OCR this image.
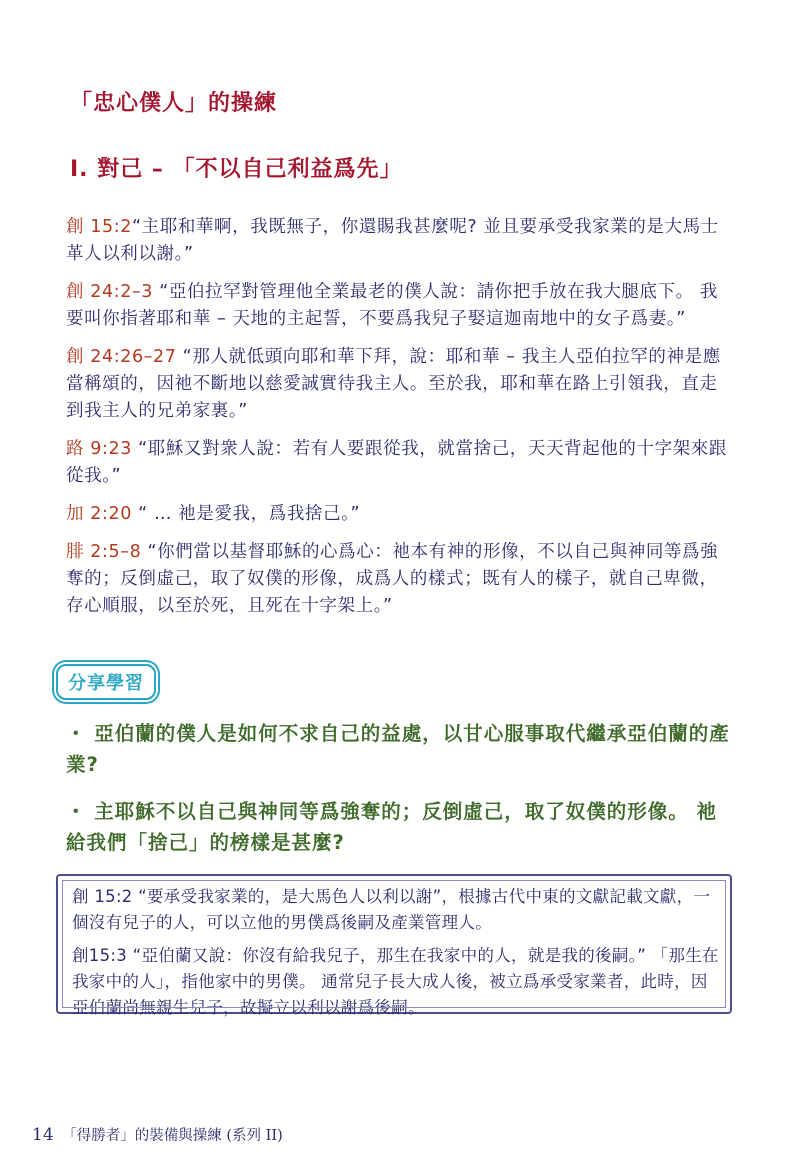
「忠心僕人」的操練
I. 對己 – 「不以自己利益爲先」

創 15:2“主耶和華啊，我既無子，你還賜我甚麼呢? 並且要承受我家業的是大馬士革人以利以謝。”

創 24:2–3 “亞伯拉罕對管理他全業最老的僕人說：請你把手放在我大腿底下。 我要叫你指著耶和華 – 天地的主起誓，不要爲我兒子娶這迦南地中的女子爲妻。”

創 24:26–27 “那人就低頭向耶和華下拜，說：耶和華 – 我主人亞伯拉罕的神是應當稱頌的，因祂不斷地以慈愛誠實待我主人。至於我，耶和華在路上引領我，直走到我主人的兄弟家裏。”

路 9:23 “耶穌又對衆人說：若有人要跟從我，就當捨己，天天背起他的十字架來跟從我。”

加 2:20 “ … 祂是愛我，爲我捨己。”

腓 2:5–8 “你們當以基督耶穌的心爲心：祂本有神的形像，不以自己與神同等爲強奪的；反倒虛己，取了奴僕的形像，成爲人的樣式；既有人的樣子，就自己卑微，存心順服，以至於死，且死在十字架上。”

分享學習

・ 亞伯蘭的僕人是如何不求自己的益處，以甘心服事取代繼承亞伯蘭的產業?

・ 主耶穌不以自己與神同等爲強奪的；反倒虛己，取了奴僕的形像。 祂給我們「捨己」的榜樣是甚麼?

創 15:2 “要承受我家業的，是大馬色人以利以謝”，根據古代中東的文獻記載文獻，一個沒有兒子的人，可以立他的男僕爲後嗣及產業管理人。

創15:3 “亞伯蘭又說：你沒有給我兒子，那生在我家中的人，就是我的後嗣。” 「那生在我家中的人」，指他家中的男僕。 通常兒子長大成人後，被立爲承受家業者，此時，因亞伯蘭尚無親生兒子，故擬立以利以謝爲後嗣。

14 「得勝者」的裝備與操練 (系列 II)
